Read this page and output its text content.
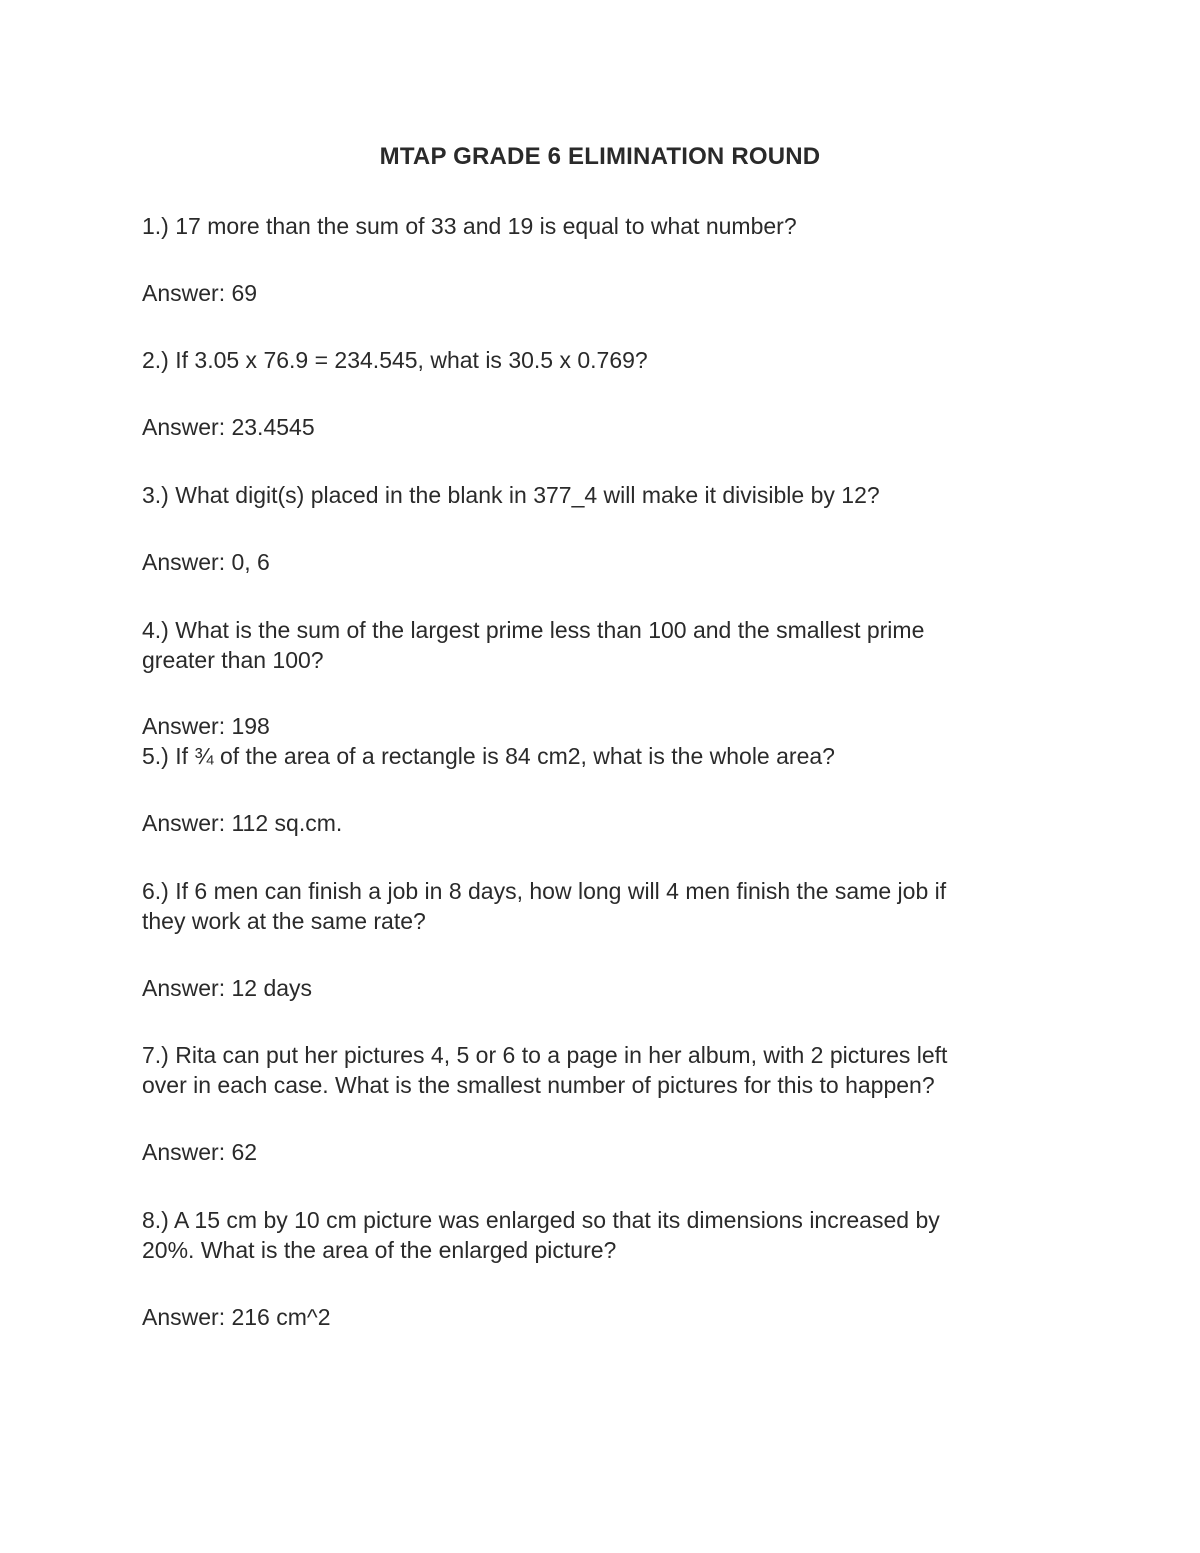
MTAP GRADE 6 ELIMINATION ROUND
1.) 17 more than the sum of 33 and 19 is equal to what number?
Answer: 69
2.) If 3.05 x 76.9 = 234.545, what is 30.5 x 0.769?
Answer: 23.4545
3.) What digit(s) placed in the blank in 377_4 will make it divisible by 12?
Answer: 0, 6
4.) What is the sum of the largest prime less than 100 and the smallest prime
greater than 100?
Answer: 198
5.) If ¾ of the area of a rectangle is 84 cm2, what is the whole area?
Answer: 112 sq.cm.
6.) If 6 men can finish a job in 8 days, how long will 4 men finish the same job if
they work at the same rate?
Answer: 12 days
7.) Rita can put her pictures 4, 5 or 6 to a page in her album, with 2 pictures left
over in each case. What is the smallest number of pictures for this to happen?
Answer: 62
8.) A 15 cm by 10 cm picture was enlarged so that its dimensions increased by
20%. What is the area of the enlarged picture?
Answer: 216 cm^2
